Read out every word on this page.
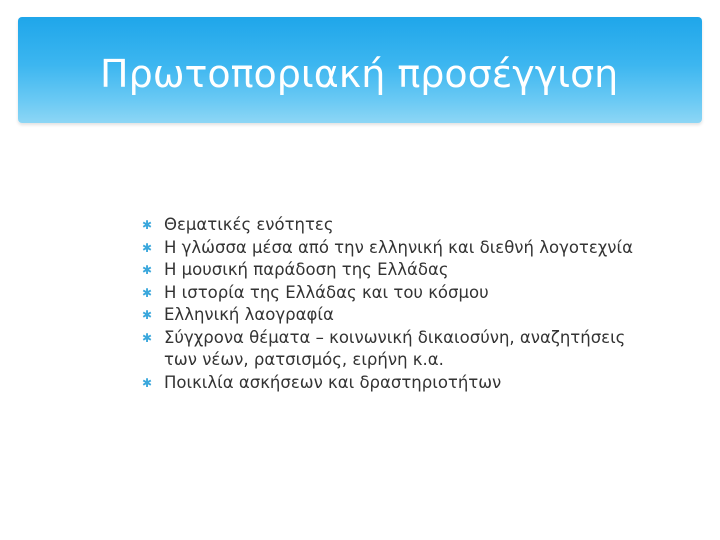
Πρωτοποριακή προσέγγιση
✱ Θεματικές ενότητες
✱ Η γλώσσα μέσα από την ελληνική και διεθνή λογοτεχνία
✱ Η μουσική παράδοση της Ελλάδας
✱ Η ιστορία της Ελλάδας και του κόσμου
✱ Ελληνική λαογραφία
✱ Σύγχρονα θέματα – κοινωνική δικαιοσύνη, αναζητήσεις των νέων, ρατσισμός, ειρήνη κ.α.
✱ Ποικιλία ασκήσεων και δραστηριοτήτων
